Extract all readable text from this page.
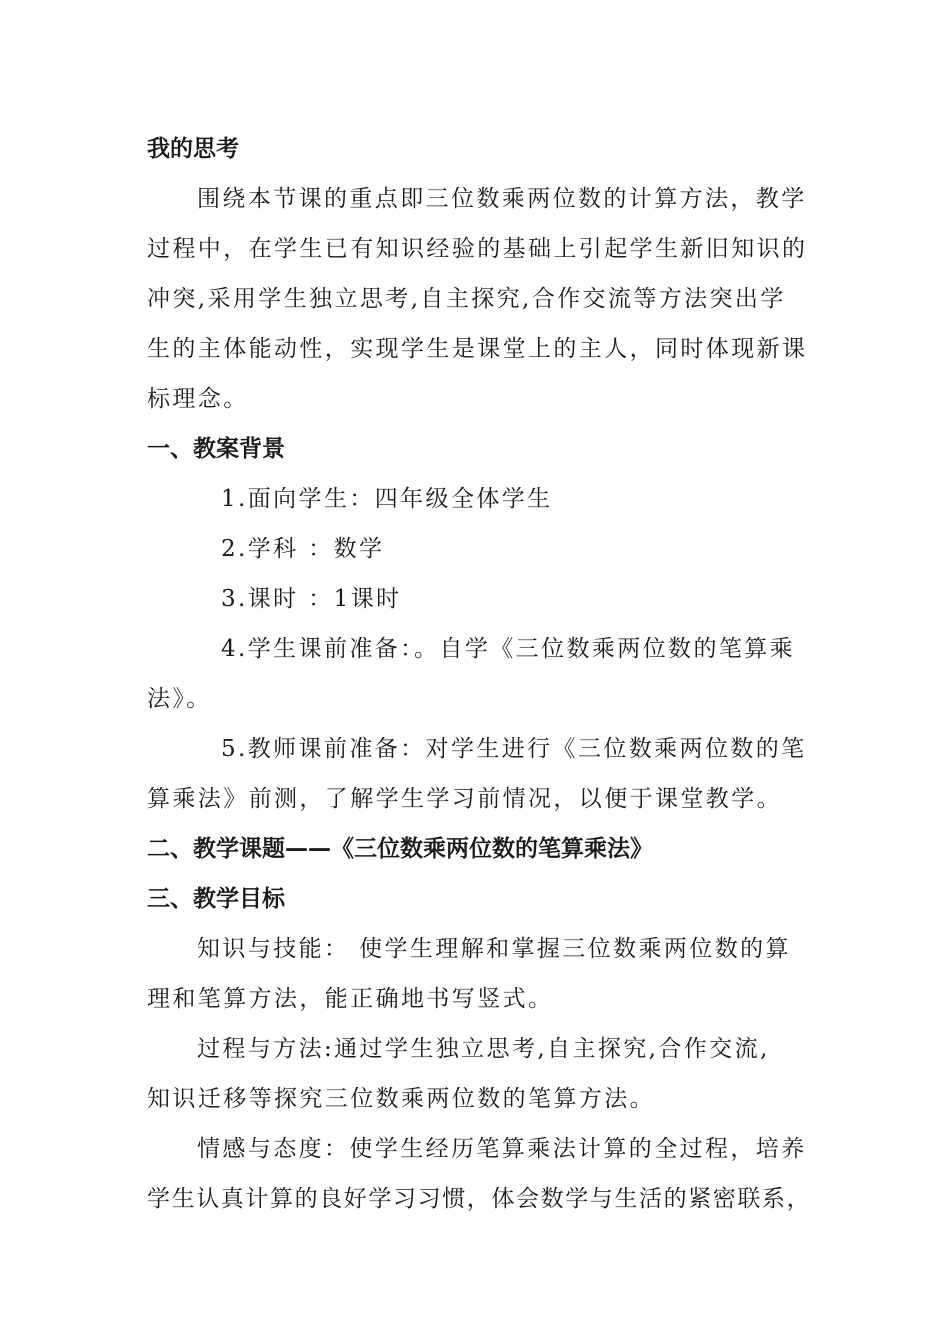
我的思考

围绕本节课的重点即三位数乘两位数的计算方法，教学

过程中，在学生已有知识经验的基础上引起学生新旧知识的

冲突,采用学生独立思考,自主探究,合作交流等方法突出学

生的主体能动性，实现学生是课堂上的主人，同时体现新课

标理念。

一、教案背景

1.面向学生：四年级全体学生

2.学科 ：数学

3.课时 ：1课时

4.学生课前准备：。自学《三位数乘两位数的笔算乘

法》。

5.教师课前准备：对学生进行《三位数乘两位数的笔

算乘法》前测，了解学生学习前情况，以便于课堂教学。

二、教学课题——《三位数乘两位数的笔算乘法》
三、教学目标

知识与技能： 使学生理解和掌握三位数乘两位数的算

理和笔算方法，能正确地书写竖式。

过程与方法:通过学生独立思考,自主探究,合作交流,

知识迁移等探究三位数乘两位数的笔算方法。

情感与态度：使学生经历笔算乘法计算的全过程，培养

学生认真计算的良好学习习惯，体会数学与生活的紧密联系，
